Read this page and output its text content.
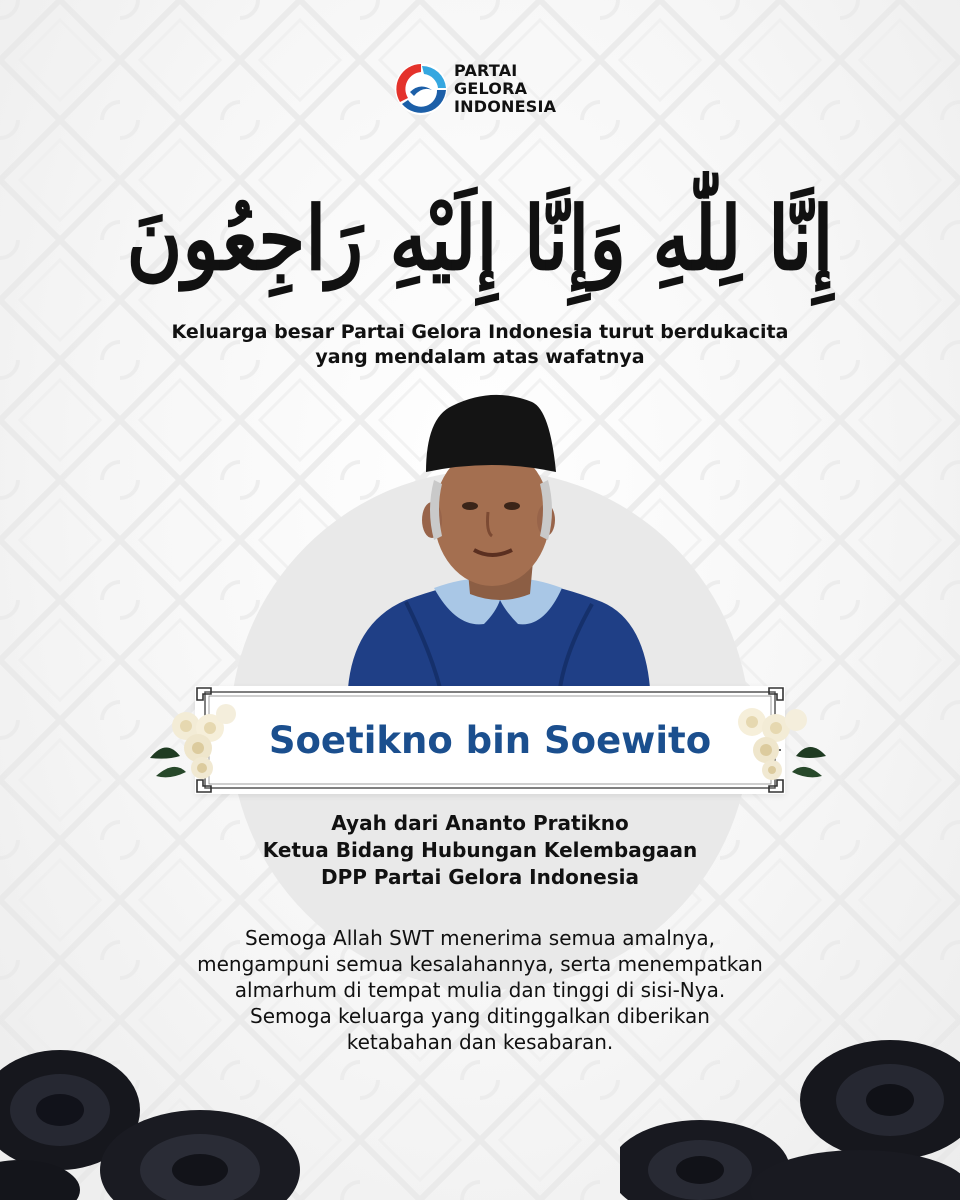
PARTAI
GELORA
INDONESIA
إِنَّا لِلّٰهِ وَإِنَّا إِلَيْهِ رَاجِعُونَ
Keluarga besar Partai Gelora Indonesia turut berdukacita
yang mendalam atas wafatnya
Soetikno bin Soewito
Ayah dari Ananto Pratikno
Ketua Bidang Hubungan Kelembagaan
DPP Partai Gelora Indonesia
Semoga Allah SWT menerima semua amalnya,
mengampuni semua kesalahannya, serta menempatkan
almarhum di tempat mulia dan tinggi di sisi-Nya.
Semoga keluarga yang ditinggalkan diberikan
ketabahan dan kesabaran.
